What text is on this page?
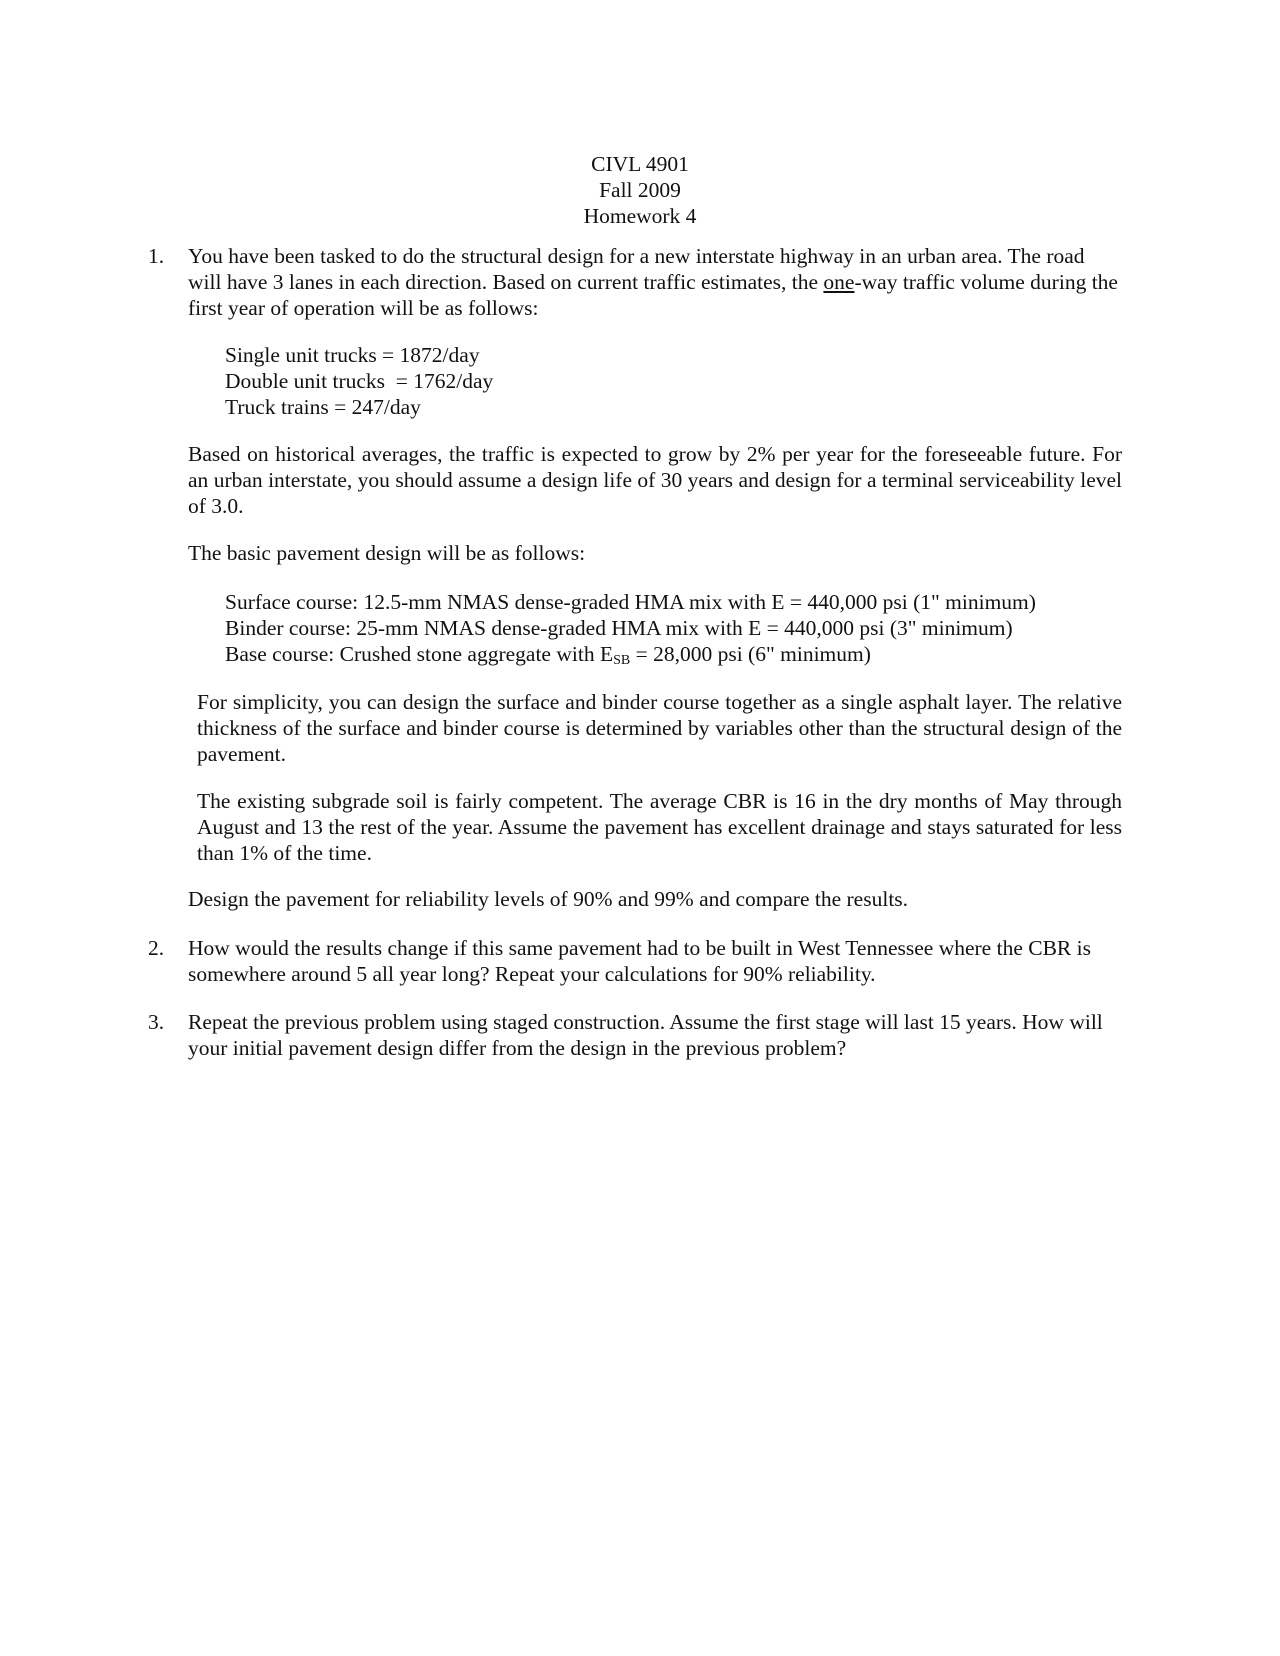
CIVL 4901
Fall 2009
Homework 4
1.	You have been tasked to do the structural design for a new interstate highway in an urban area. The road will have 3 lanes in each direction. Based on current traffic estimates, the one-way traffic volume during the first year of operation will be as follows:
Single unit trucks = 1872/day
Double unit trucks  = 1762/day
Truck trains = 247/day
Based on historical averages, the traffic is expected to grow by 2% per year for the foreseeable future. For an urban interstate, you should assume a design life of 30 years and design for a terminal serviceability level of 3.0.
The basic pavement design will be as follows:
Surface course: 12.5-mm NMAS dense-graded HMA mix with E = 440,000 psi (1" minimum)
Binder course: 25-mm NMAS dense-graded HMA mix with E = 440,000 psi (3" minimum)
Base course: Crushed stone aggregate with $E_{SB} = 28,000$ psi (6" minimum)
For simplicity, you can design the surface and binder course together as a single asphalt layer. The relative thickness of the surface and binder course is determined by variables other than the structural design of the pavement.
The existing subgrade soil is fairly competent. The average CBR is 16 in the dry months of May through August and 13 the rest of the year. Assume the pavement has excellent drainage and stays saturated for less than 1% of the time.
Design the pavement for reliability levels of 90% and 99% and compare the results.
2.	How would the results change if this same pavement had to be built in West Tennessee where the CBR is somewhere around 5 all year long? Repeat your calculations for 90% reliability.
3.	Repeat the previous problem using staged construction. Assume the first stage will last 15 years. How will your initial pavement design differ from the design in the previous problem?
